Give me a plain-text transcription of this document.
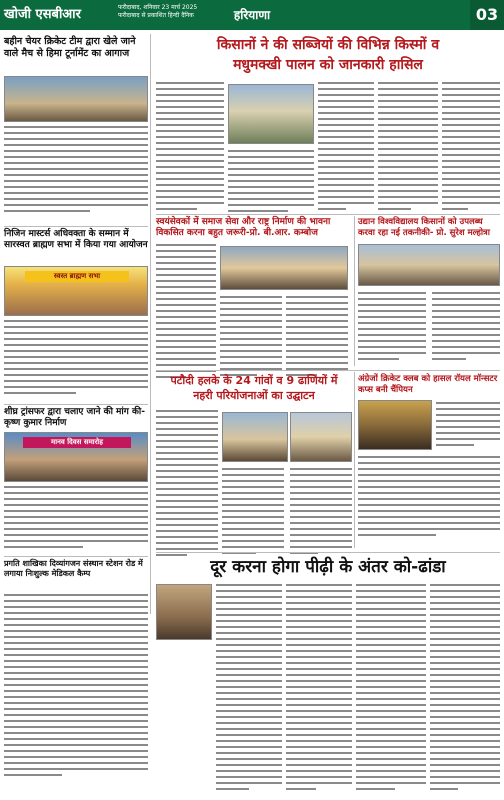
खोजी एसबीआर	फरीदाबाद, शनिवार 23 मार्च 2025
फरीदाबाद से प्रकाशित हिन्दी दैनिक	हरियाणा	03
बहीन चेयर क्रिकेट टीम द्वारा खेले जाने वाले मैच से हिमा टूर्नामेंट का आगाज
निजिन मास्टर्स अधिवक्ता के सम्मान में सारस्वत ब्राह्मण सभा में किया गया आयोजन
स्वस्त ब्राह्मण सभा
शीघ्र ट्रांसफर द्वारा चलाए जाने की मांग की-कृष्ण कुमार निर्माण
मानव दिवस समारोह
प्रगति शाखिका दिव्यांगजन संस्थान स्टेशन रोड में लगाया निःशुल्क मेडिकल कैम्प
किसानों ने की सब्जियों की विभिन्न किस्मों व
मधुमक्खी पालन को जानकारी हासिल
स्वयंसेवकों में समाज सेवा और राष्ट्र निर्माण की भावना विकसित करना बहुत जरूरी-प्रो. बी.आर. कम्बोज
उद्यान विश्वविद्यालय किसानों को उपलब्ध करवा रहा नई तकनीकी- प्रो. सुरेश मल्होत्रा
पटौदी हलके के 24 गांवों व 9 ढाणियों में
नहरी परियोजनाओं का उद्घाटन
अंग्रेजों क्रिकेट क्लब को हासल रॉयल मॉन्सटर कप्स बनी चैंपियन
दूर करना होगा पीढ़ी के अंतर को-ढांडा
